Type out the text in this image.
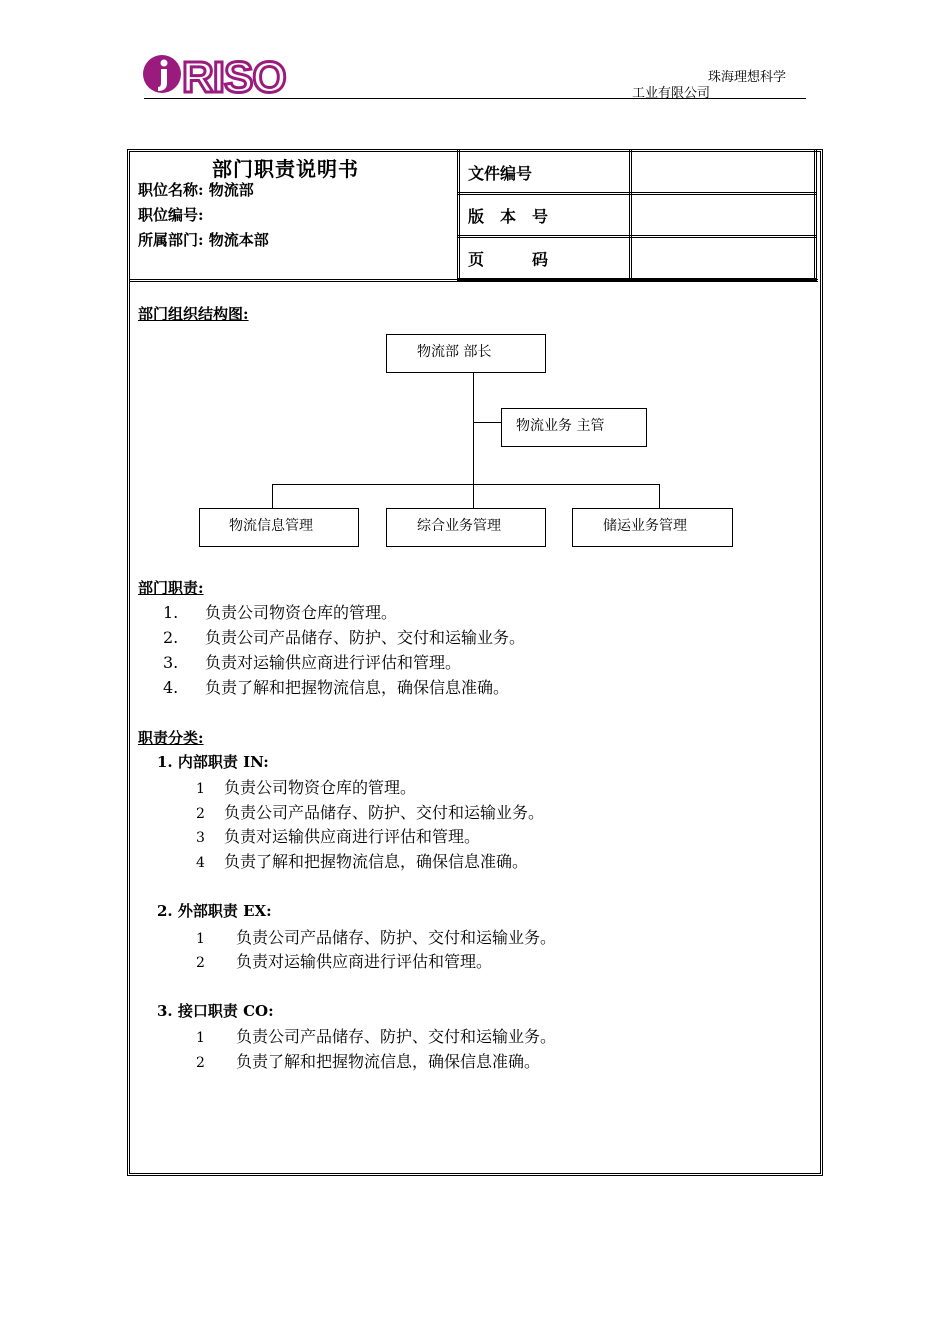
RISO	珠海理想科学
工业有限公司
部门职责说明书
职位名称: 物流部
职位编号:
所属部门: 物流本部
文件编号	
版　本　号	
页　　　码	
部门组织结构图:
物流部 部长
物流业务 主管
物流信息管理	综合业务管理	储运业务管理
部门职责:
1. 负责公司物资仓库的管理。
2. 负责公司产品储存、防护、交付和运输业务。
3. 负责对运输供应商进行评估和管理。
4. 负责了解和把握物流信息，确保信息准确。
职责分类:
1. 内部职责 IN:
1 负责公司物资仓库的管理。
2 负责公司产品储存、防护、交付和运输业务。
3 负责对运输供应商进行评估和管理。
4 负责了解和把握物流信息，确保信息准确。
2. 外部职责 EX:
1 负责公司产品储存、防护、交付和运输业务。
2 负责对运输供应商进行评估和管理。
3. 接口职责 CO:
1 负责公司产品储存、防护、交付和运输业务。
2 负责了解和把握物流信息，确保信息准确。
